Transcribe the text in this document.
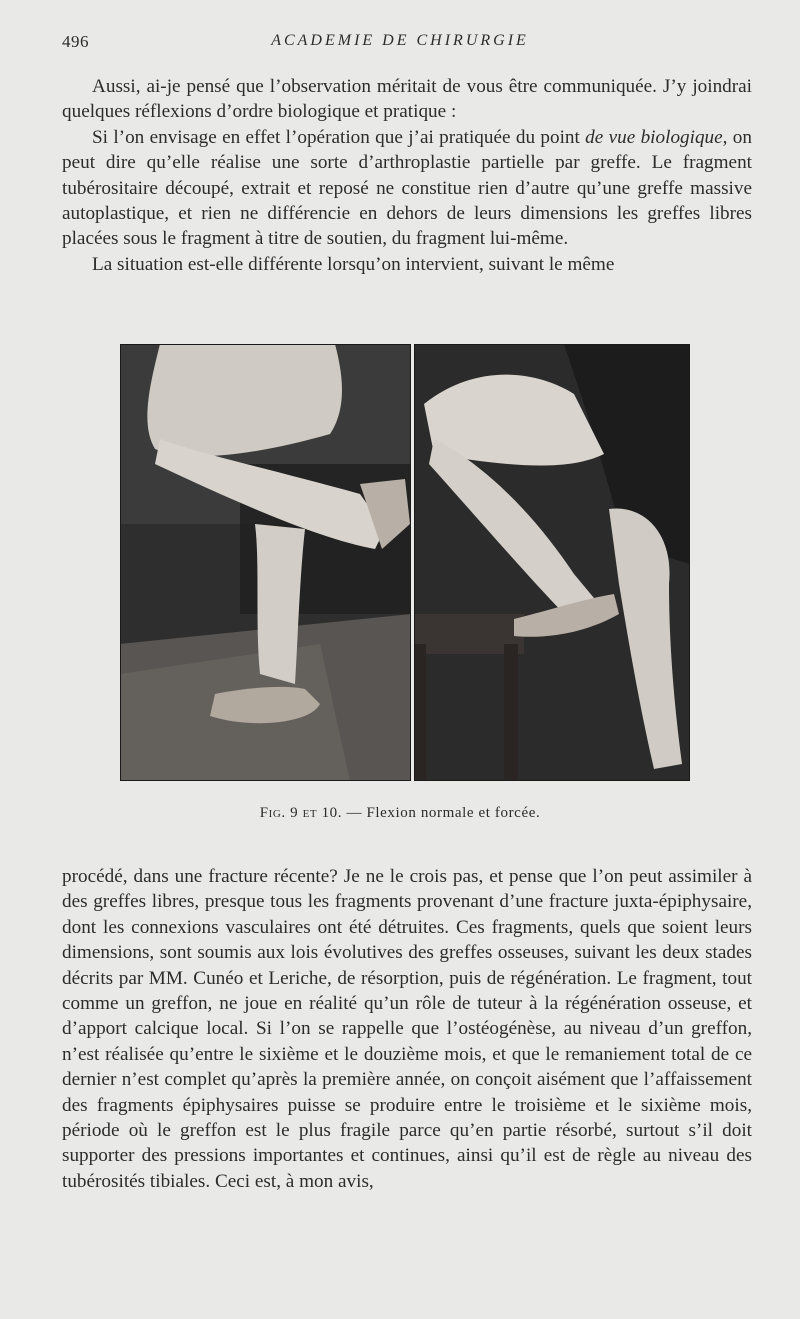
496	ACADEMIE DE CHIRURGIE

Aussi, ai-je pensé que l’observation méritait de vous être communiquée. J’y joindrai quelques réflexions d’ordre biologique et pratique :

Si l’on envisage en effet l’opération que j’ai pratiquée du point de vue biologique, on peut dire qu’elle réalise une sorte d’arthroplastie partielle par greffe. Le fragment tubérositaire découpé, extrait et reposé ne constitue rien d’autre qu’une greffe massive autoplastique, et rien ne différencie en dehors de leurs dimensions les greffes libres placées sous le fragment à titre de soutien, du fragment lui-même.

La situation est-elle différente lorsqu’on intervient, suivant le même

Fig. 9 et 10. — Flexion normale et forcée.

procédé, dans une fracture récente? Je ne le crois pas, et pense que l’on peut assimiler à des greffes libres, presque tous les fragments provenant d’une fracture juxta-épiphysaire, dont les connexions vasculaires ont été détruites. Ces fragments, quels que soient leurs dimensions, sont soumis aux lois évolutives des greffes osseuses, suivant les deux stades décrits par MM. Cunéo et Leriche, de résorption, puis de régénération. Le fragment, tout comme un greffon, ne joue en réalité qu’un rôle de tuteur à la régénération osseuse, et d’apport calcique local. Si l’on se rappelle que l’ostéogénèse, au niveau d’un greffon, n’est réalisée qu’entre le sixième et le douzième mois, et que le remaniement total de ce dernier n’est complet qu’après la première année, on conçoit aisément que l’affaissement des fragments épiphysaires puisse se produire entre le troisième et le sixième mois, période où le greffon est le plus fragile parce qu’en partie résorbé, surtout s’il doit supporter des pressions importantes et continues, ainsi qu’il est de règle au niveau des tubérosités tibiales. Ceci est, à mon avis,
